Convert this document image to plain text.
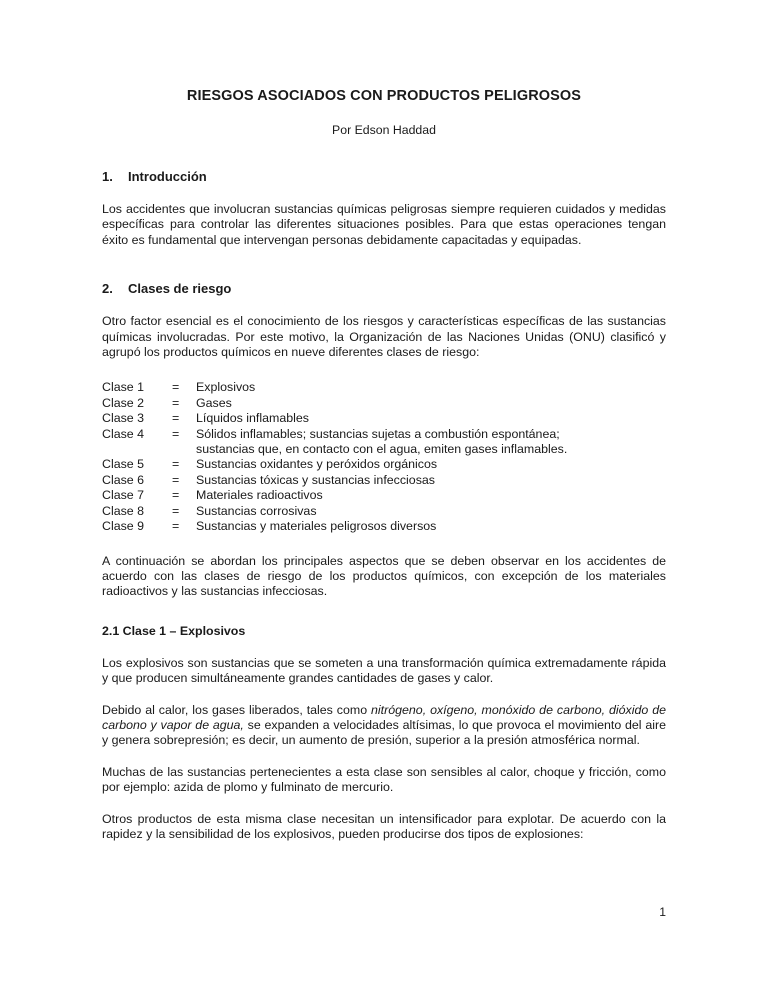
RIESGOS ASOCIADOS CON PRODUCTOS PELIGROSOS

Por Edson Haddad

1.	Introducción

Los accidentes que involucran sustancias químicas peligrosas siempre requieren cuidados y medidas específicas para controlar las diferentes situaciones posibles. Para que estas operaciones tengan éxito es fundamental que intervengan personas debidamente capacitadas y equipadas.

2.	Clases de riesgo

Otro factor esencial es el conocimiento de los riesgos y características específicas de las sustancias químicas involucradas. Por este motivo, la Organización de las Naciones Unidas (ONU) clasificó y agrupó los productos químicos en nueve diferentes clases de riesgo:

Clase 1	=	Explosivos
Clase 2	=	Gases
Clase 3	=	Líquidos inflamables
Clase 4	=	Sólidos inflamables; sustancias sujetas a combustión espontánea;
sustancias que, en contacto con el agua, emiten gases inflamables.
Clase 5	=	Sustancias oxidantes y peróxidos orgánicos
Clase 6	=	Sustancias tóxicas y sustancias infecciosas
Clase 7	=	Materiales radioactivos
Clase 8	=	Sustancias corrosivas
Clase 9	=	Sustancias y materiales peligrosos diversos

A continuación se abordan los principales aspectos que se deben observar en los accidentes de acuerdo con las clases de riesgo de los productos químicos, con excepción de los materiales radioactivos y las sustancias infecciosas.

2.1 Clase 1 – Explosivos

Los explosivos son sustancias que se someten a una transformación química extremadamente rápida y que producen simultáneamente grandes cantidades de gases y calor.

Debido al calor, los gases liberados, tales como nitrógeno, oxígeno, monóxido de carbono, dióxido de carbono y vapor de agua, se expanden a velocidades altísimas, lo que provoca el movimiento del aire y genera sobrepresión; es decir, un aumento de presión, superior a la presión atmosférica normal.

Muchas de las sustancias pertenecientes a esta clase son sensibles al calor, choque y fricción, como por ejemplo: azida de plomo y fulminato de mercurio.

Otros productos de esta misma clase necesitan un intensificador para explotar. De acuerdo con la rapidez y la sensibilidad de los explosivos, pueden producirse dos tipos de explosiones:

1
